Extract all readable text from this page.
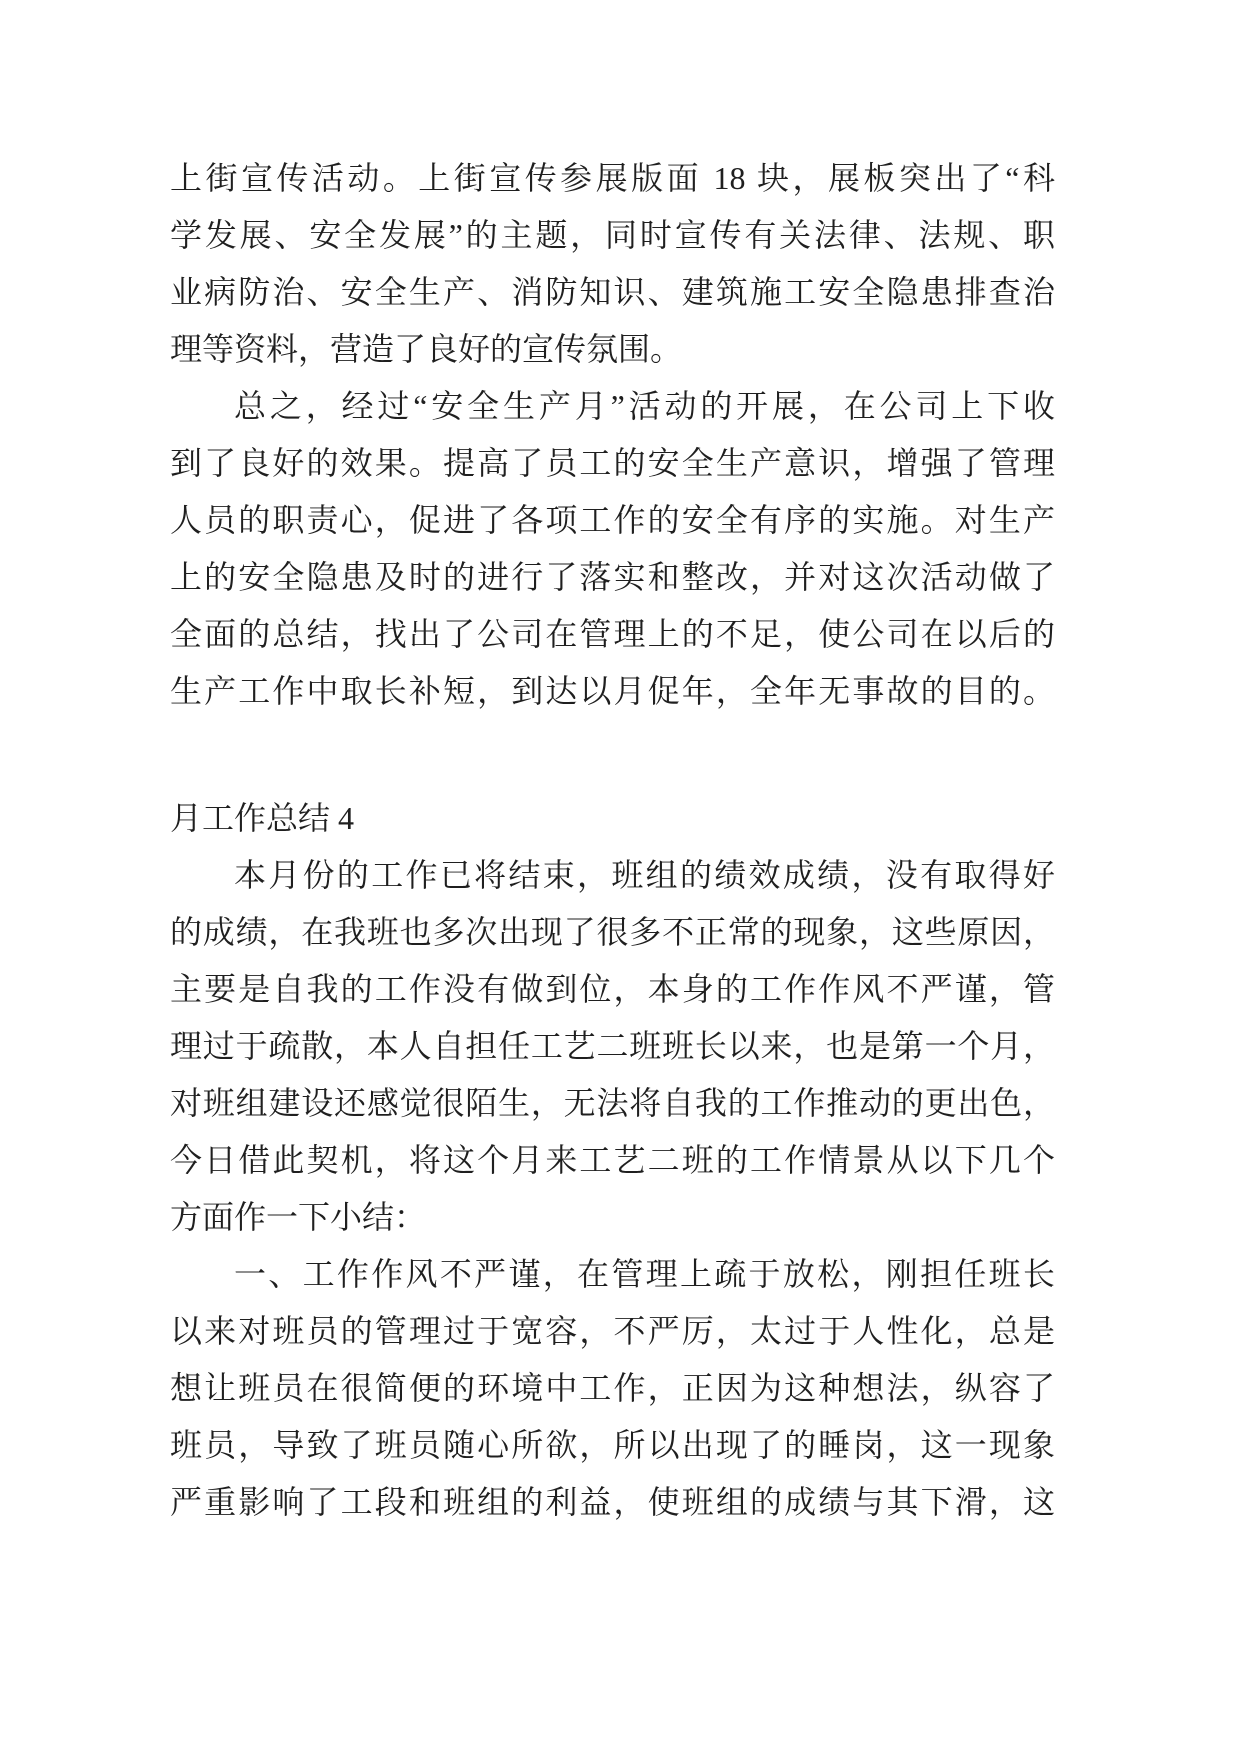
上街宣传活动。上街宣传参展版面 18 块，展板突出了“科
学发展、安全发展”的主题，同时宣传有关法律、法规、职
业病防治、安全生产、消防知识、建筑施工安全隐患排查治
理等资料，营造了良好的宣传氛围。
总之，经过“安全生产月”活动的开展，在公司上下收
到了良好的效果。提高了员工的安全生产意识，增强了管理
人员的职责心，促进了各项工作的安全有序的实施。对生产
上的安全隐患及时的进行了落实和整改，并对这次活动做了
全面的总结，找出了公司在管理上的不足，使公司在以后的
生产工作中取长补短，到达以月促年，全年无事故的目的。
月工作总结 4
本月份的工作已将结束，班组的绩效成绩，没有取得好
的成绩，在我班也多次出现了很多不正常的现象，这些原因，
主要是自我的工作没有做到位，本身的工作作风不严谨，管
理过于疏散，本人自担任工艺二班班长以来，也是第一个月，
对班组建设还感觉很陌生，无法将自我的工作推动的更出色，
今日借此契机，将这个月来工艺二班的工作情景从以下几个
方面作一下小结：
一、工作作风不严谨，在管理上疏于放松，刚担任班长
以来对班员的管理过于宽容，不严厉，太过于人性化，总是
想让班员在很简便的环境中工作，正因为这种想法，纵容了
班员，导致了班员随心所欲，所以出现了的睡岗，这一现象
严重影响了工段和班组的利益，使班组的成绩与其下滑，这
